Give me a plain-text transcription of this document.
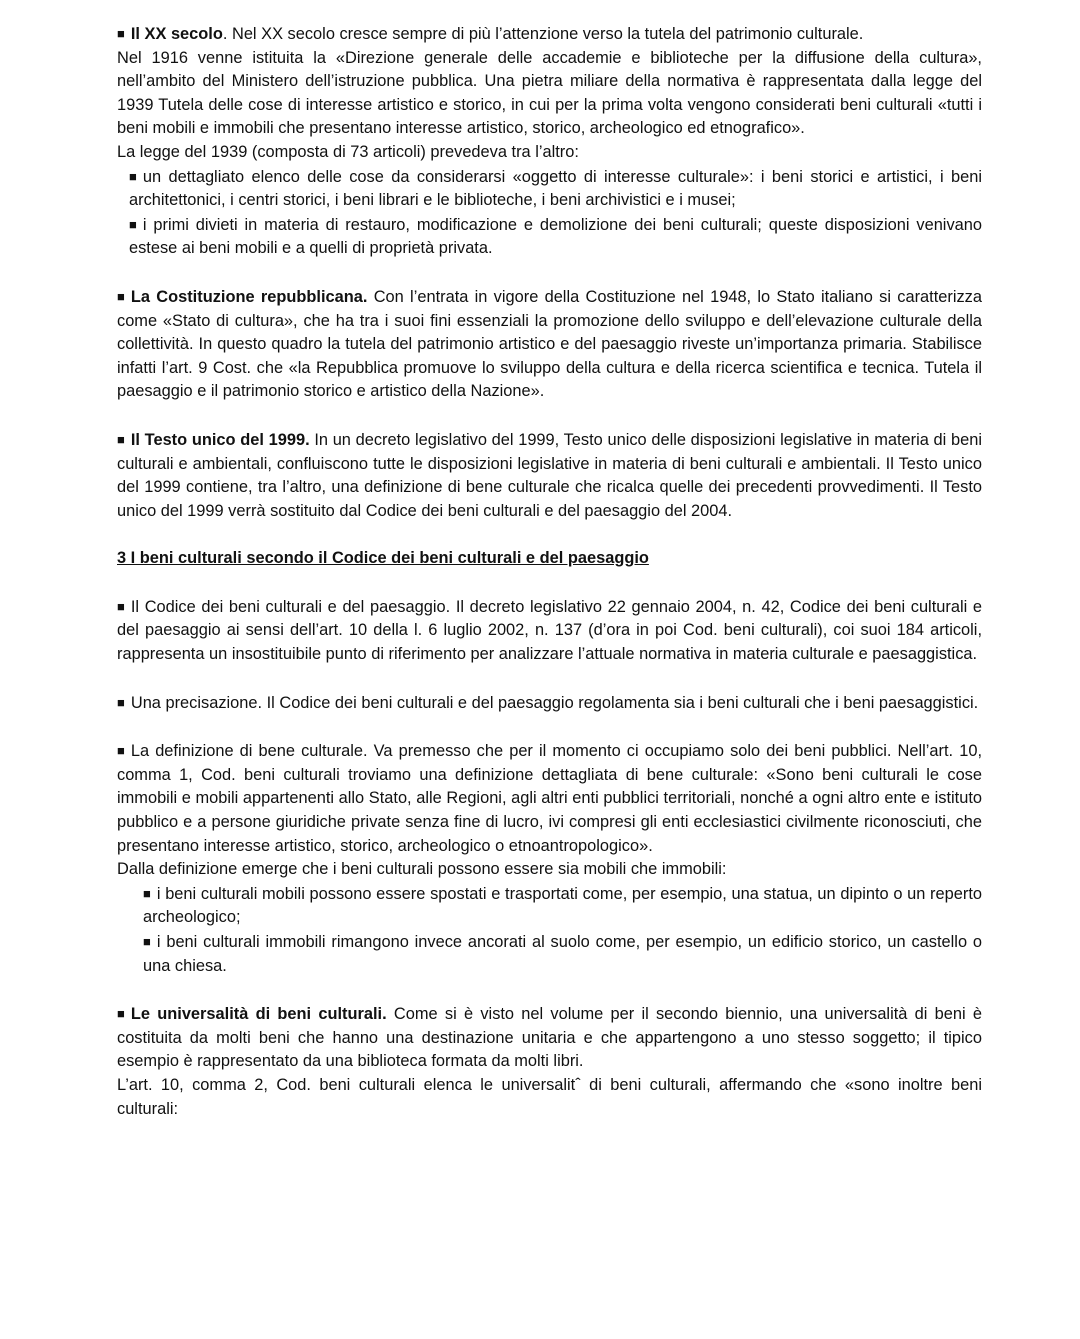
■ Il XX secolo. Nel XX secolo cresce sempre di più l’attenzione verso la tutela del patrimonio culturale.

Nel 1916 venne istituita la «Direzione generale delle accademie e biblioteche per la diffusione della cultura», nell’ambito del Ministero dell’istruzione pubblica. Una pietra miliare della normativa è rappresentata dalla legge del 1939 Tutela delle cose di interesse artistico e storico, in cui per la prima volta vengono considerati beni culturali «tutti i beni mobili e immobili che presentano interesse artistico, storico, archeologico ed etnografico».

La legge del 1939 (composta di 73 articoli) prevedeva tra l’altro:

■ un dettagliato elenco delle cose da considerarsi «oggetto di interesse culturale»: i beni storici e artistici, i beni architettonici, i centri storici, i beni librari e le biblioteche, i beni archivistici e i musei;

■ i primi divieti in materia di restauro, modificazione e demolizione dei beni culturali; queste disposizioni venivano estese ai beni mobili e a quelli di proprietà privata.

■ La Costituzione repubblicana. Con l’entrata in vigore della Costituzione nel 1948, lo Stato italiano si caratterizza come «Stato di cultura», che ha tra i suoi fini essenziali la promozione dello sviluppo e dell’elevazione culturale della collettività. In questo quadro la tutela del patrimonio artistico e del paesaggio riveste un’importanza primaria. Stabilisce infatti l’art. 9 Cost. che «la Repubblica promuove lo sviluppo della cultura e della ricerca scientifica e tecnica. Tutela il paesaggio e il patrimonio storico e artistico della Nazione».

■ Il Testo unico del 1999. In un decreto legislativo del 1999, Testo unico delle disposizioni legislative in materia di beni culturali e ambientali, confluiscono tutte le disposizioni legislative in materia di beni culturali e ambientali. Il Testo unico del 1999 contiene, tra l’altro, una definizione di bene culturale che ricalca quelle dei precedenti provvedimenti. Il Testo unico del 1999 verrà sostituito dal Codice dei beni culturali e del paesaggio del 2004.

3 I beni culturali secondo il Codice dei beni culturali e del paesaggio

■ Il Codice dei beni culturali e del paesaggio. Il decreto legislativo 22 gennaio 2004, n. 42, Codice dei beni culturali e del paesaggio ai sensi dell’art. 10 della l. 6 luglio 2002, n. 137 (d’ora in poi Cod. beni culturali), coi suoi 184 articoli, rappresenta un insostituibile punto di riferimento per analizzare l’attuale normativa in materia culturale e paesaggistica.

■ Una precisazione. Il Codice dei beni culturali e del paesaggio regolamenta sia i beni culturali che i beni paesaggistici.

■ La definizione di bene culturale. Va premesso che per il momento ci occupiamo solo dei beni pubblici. Nell’art. 10, comma 1, Cod. beni culturali troviamo una definizione dettagliata di bene culturale: «Sono beni culturali le cose immobili e mobili appartenenti allo Stato, alle Regioni, agli altri enti pubblici territoriali, nonché a ogni altro ente e istituto pubblico e a persone giuridiche private senza fine di lucro, ivi compresi gli enti ecclesiastici civilmente riconosciuti, che presentano interesse artistico, storico, archeologico o etnoantropologico».

Dalla definizione emerge che i beni culturali possono essere sia mobili che immobili:

■ i beni culturali mobili possono essere spostati e trasportati come, per esempio, una statua, un dipinto o un reperto archeologico;

■ i beni culturali immobili rimangono invece ancorati al suolo come, per esempio, un edificio storico, un castello o una chiesa.

■ Le universalità di beni culturali. Come si è visto nel volume per il secondo biennio, una universalità di beni è costituita da molti beni che hanno una destinazione unitaria e che appartengono a uno stesso soggetto; il tipico esempio è rappresentato da una biblioteca formata da molti libri.

L’art. 10, comma 2, Cod. beni culturali elenca le universalitˆ di beni culturali, affermando che «sono inoltre beni culturali:
